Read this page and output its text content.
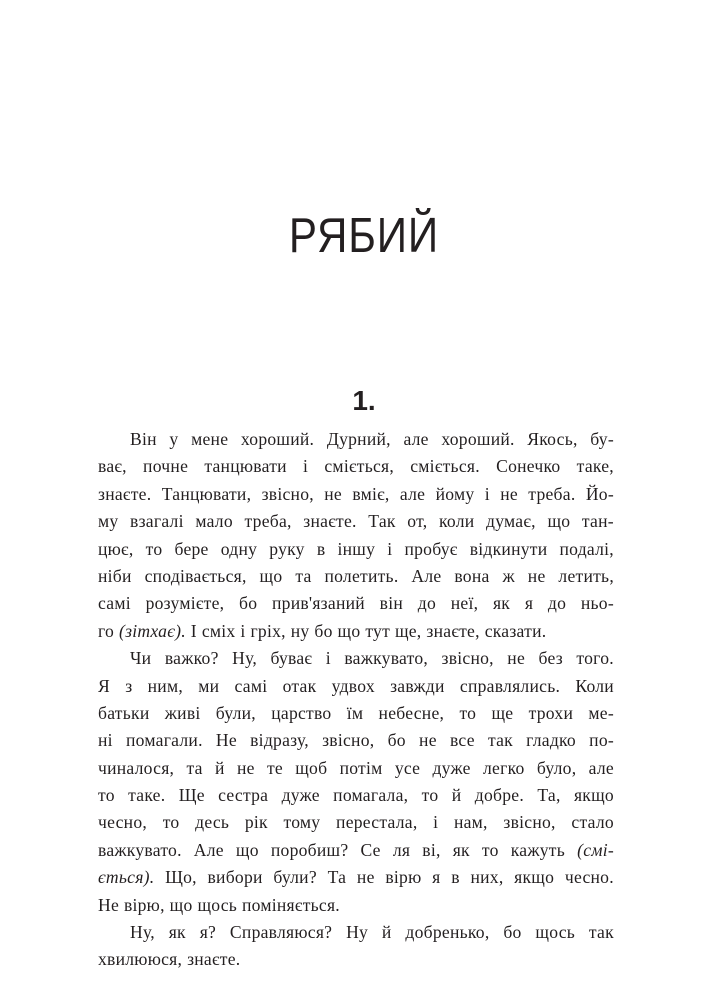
РЯБИЙ
1.
Він у мене хороший. Дурний, але хороший. Якось, бу-
ває, почне танцювати і сміється, сміється. Сонечко таке,
знаєте. Танцювати, звісно, не вміє, але йому і не треба. Йо-
му взагалі мало треба, знаєте. Так от, коли думає, що тан-
цює, то бере одну руку в іншу і пробує відкинути подалі,
ніби сподівається, що та полетить. Але вона ж не летить,
самі розумієте, бо прив'язаний він до неї, як я до ньо-
го (зітхає). І сміх і гріх, ну бо що тут ще, знаєте, сказати.
Чи важко? Ну, буває і важкувато, звісно, не без того.
Я з ним, ми самі отак удвох завжди справлялись. Коли
батьки живі були, царство їм небесне, то ще трохи ме-
ні помагали. Не відразу, звісно, бо не все так гладко по-
чиналося, та й не те щоб потім усе дуже легко було, але
то таке. Ще сестра дуже помагала, то й добре. Та, якщо
чесно, то десь рік тому перестала, і нам, звісно, стало
важкувато. Але що поробиш? Се ля ві, як то кажуть (смі-
ється). Що, вибори були? Та не вірю я в них, якщо чесно.
Не вірю, що щось поміняється.
Ну, як я? Справляюся? Ну й добренько, бо щось так
хвилююся, знаєте.
